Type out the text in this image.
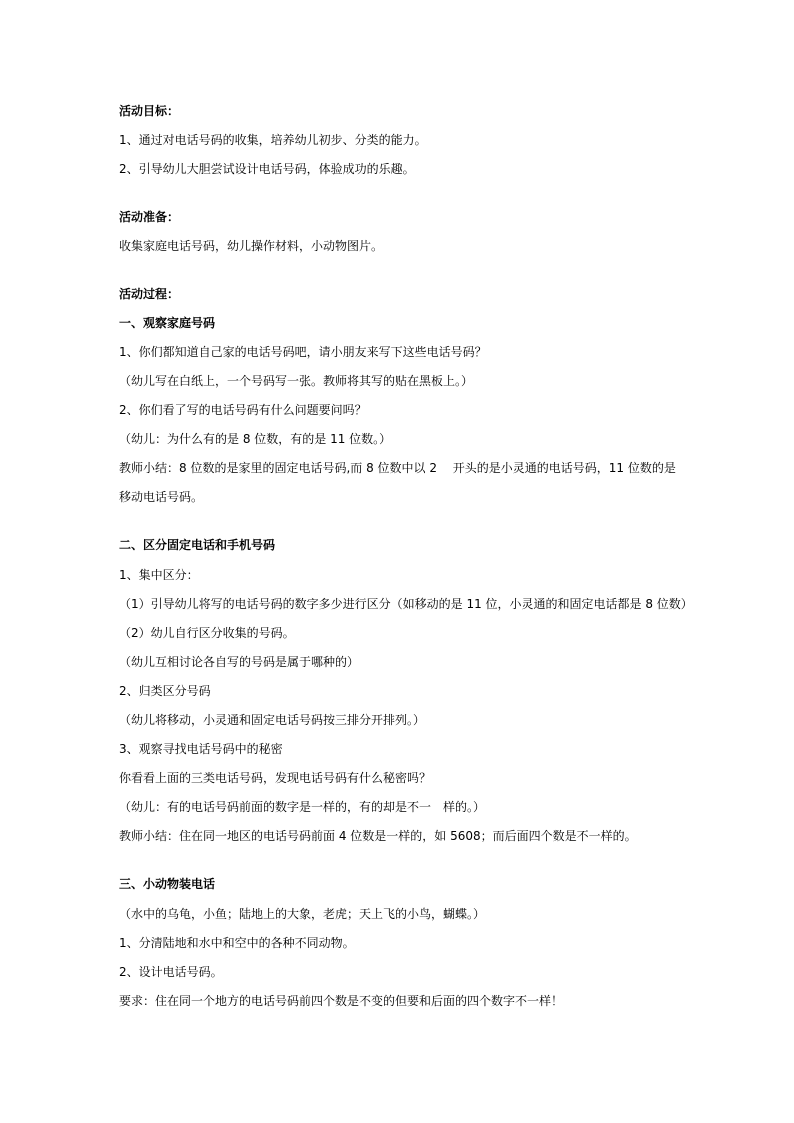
活动目标：
1、通过对电话号码的收集，培养幼儿初步、分类的能力。
2、引导幼儿大胆尝试设计电话号码，体验成功的乐趣。
活动准备：
收集家庭电话号码，幼儿操作材料，小动物图片。
活动过程：
一、观察家庭号码
1、你们都知道自己家的电话号码吧，请小朋友来写下这些电话号码？
（幼儿写在白纸上，一个号码写一张。教师将其写的贴在黑板上。）
2、你们看了写的电话号码有什么问题要问吗？
（幼儿：为什么有的是 8 位数，有的是 11 位数。）
教师小结：8 位数的是家里的固定电话号码,而 8 位数中以 2　 开头的是小灵通的电话号码，11 位数的是
移动电话号码。
二、区分固定电话和手机号码
1、集中区分：
（1）引导幼儿将写的电话号码的数字多少进行区分（如移动的是 11 位，小灵通的和固定电话都是 8 位数）
（2）幼儿自行区分收集的号码。
（幼儿互相讨论各自写的号码是属于哪种的）
2、归类区分号码
（幼儿将移动，小灵通和固定电话号码按三排分开排列。）
3、观察寻找电话号码中的秘密
你看看上面的三类电话号码，发现电话号码有什么秘密吗？
（幼儿：有的电话号码前面的数字是一样的，有的却是不一　样的。）
教师小结：住在同一地区的电话号码前面 4 位数是一样的，如 5608；而后面四个数是不一样的。
三、小动物装电话
（水中的乌龟，小鱼；陆地上的大象，老虎；天上飞的小鸟，蝴蝶。）
1、分清陆地和水中和空中的各种不同动物。
2、设计电话号码。
要求：住在同一个地方的电话号码前四个数是不变的但要和后面的四个数字不一样！
